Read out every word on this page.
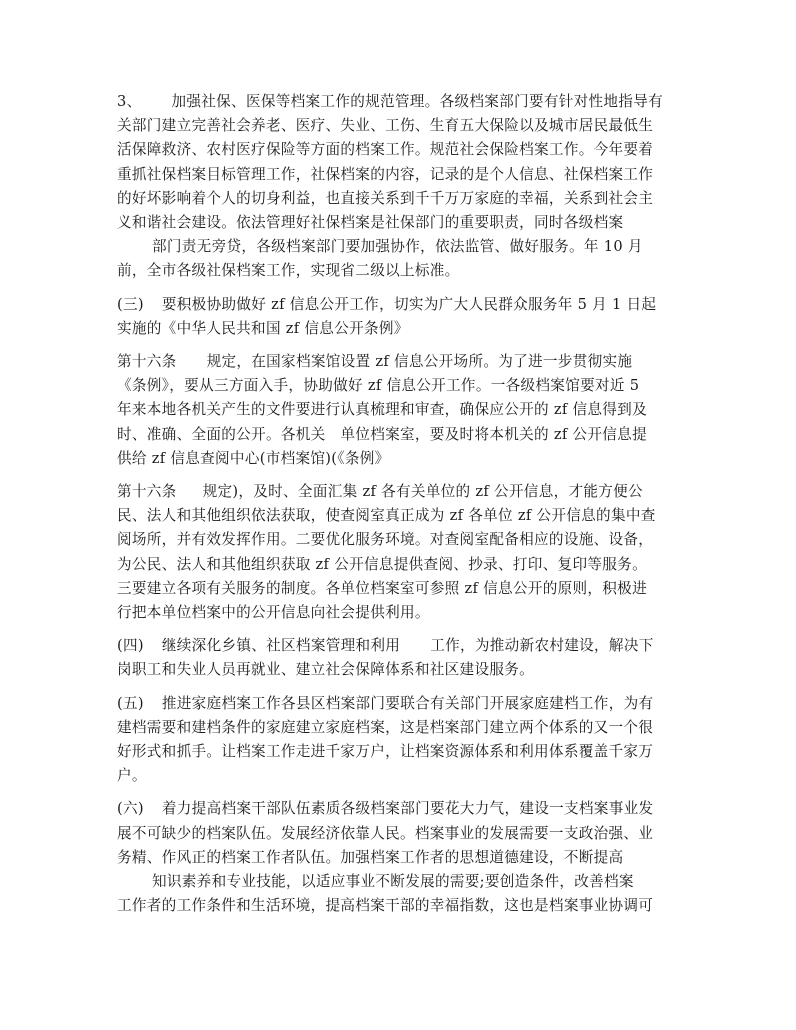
3、 加强社保、医保等档案工作的规范管理。各级档案部门要有针对性地指导有
关部门建立完善社会养老、医疗、失业、工伤、生育五大保险以及城市居民最低生
活保障救济、农村医疗保险等方面的档案工作。规范社会保险档案工作。今年要着
重抓社保档案目标管理工作，社保档案的内容，记录的是个人信息、社保档案工作
的好坏影响着个人的切身利益，也直接关系到千千万万家庭的幸福，关系到社会主
义和谐社会建设。依法管理好社保档案是社保部门的重要职责，同时各级档案
部门责无旁贷，各级档案部门要加强协作，依法监管、做好服务。年 10 月
前，全市各级社保档案工作，实现省二级以上标准。

(三) 要积极协助做好 zf 信息公开工作，切实为广大人民群众服务年 5 月 1 日起
实施的《中华人民共和国 zf 信息公开条例》

第十六条 规定，在国家档案馆设置 zf 信息公开场所。为了进一步贯彻实施
《条例》，要从三方面入手，协助做好 zf 信息公开工作。一各级档案馆要对近 5
年来本地各机关产生的文件要进行认真梳理和审查，确保应公开的 zf 信息得到及
时、准确、全面的公开。各机关　单位档案室，要及时将本机关的 zf 公开信息提
供给 zf 信息查阅中心(市档案馆)(《条例》

第十六条 规定)，及时、全面汇集 zf 各有关单位的 zf 公开信息，才能方便公
民、法人和其他组织依法获取，使查阅室真正成为 zf 各单位 zf 公开信息的集中查
阅场所，并有效发挥作用。二要优化服务环境。对查阅室配备相应的设施、设备，
为公民、法人和其他组织获取 zf 公开信息提供查阅、抄录、打印、复印等服务。
三要建立各项有关服务的制度。各单位档案室可参照 zf 信息公开的原则，积极进
行把本单位档案中的公开信息向社会提供利用。

(四) 继续深化乡镇、社区档案管理和利用 工作，为推动新农村建设，解决下
岗职工和失业人员再就业、建立社会保障体系和社区建设服务。

(五) 推进家庭档案工作各县区档案部门要联合有关部门开展家庭建档工作，为有
建档需要和建档条件的家庭建立家庭档案，这是档案部门建立两个体系的又一个很
好形式和抓手。让档案工作走进千家万户，让档案资源体系和利用体系覆盖千家万
户。

(六) 着力提高档案干部队伍素质各级档案部门要花大力气，建设一支档案事业发
展不可缺少的档案队伍。发展经济依靠人民。档案事业的发展需要一支政治强、业
务精、作风正的档案工作者队伍。加强档案工作者的思想道德建设，不断提高
知识素养和专业技能，以适应事业不断发展的需要;要创造条件，改善档案
工作者的工作条件和生活环境，提高档案干部的幸福指数，这也是档案事业协调可
